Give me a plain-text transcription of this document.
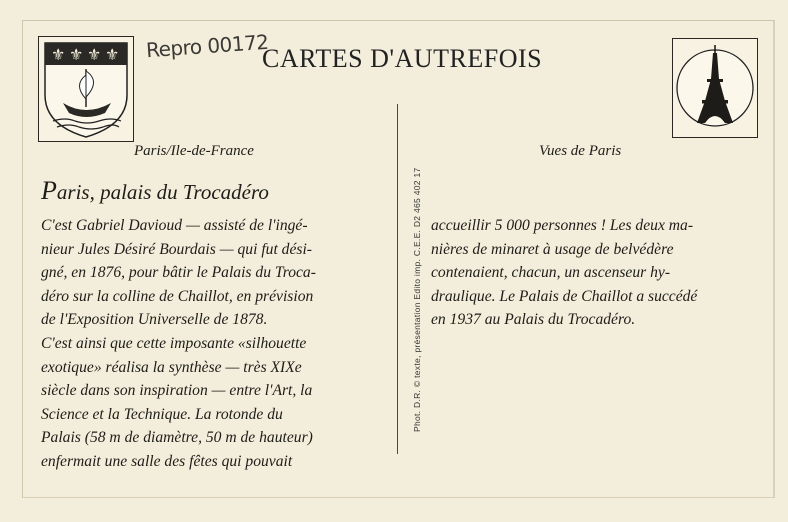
⚜ ⚜ ⚜ ⚜ Repro 00172
CARTES D'AUTREFOIS
Paris/Ile-de-France	Vues de Paris
Paris, palais du Trocadéro
C'est Gabriel Davioud — assisté de l'ingé-
nieur Jules Désiré Bourdais — qui fut dési-
gné, en 1876, pour bâtir le Palais du Troca-
déro sur la colline de Chaillot, en prévision
de l'Exposition Universelle de 1878.
C'est ainsi que cette imposante «silhouette
exotique» réalisa la synthèse — très XIXe
siècle dans son inspiration — entre l'Art, la
Science et la Technique. La rotonde du
Palais (58 m de diamètre, 50 m de hauteur)
enfermait une salle des fêtes qui pouvait
accueillir 5 000 personnes ! Les deux ma-
nières de minaret à usage de belvédère
contenaient, chacun, un ascenseur hy-
draulique. Le Palais de Chaillot a succédé
en 1937 au Palais du Trocadéro.
Phot. D.R. © texte, présentation Edito imp. C.E.E. D2 465 402 17
